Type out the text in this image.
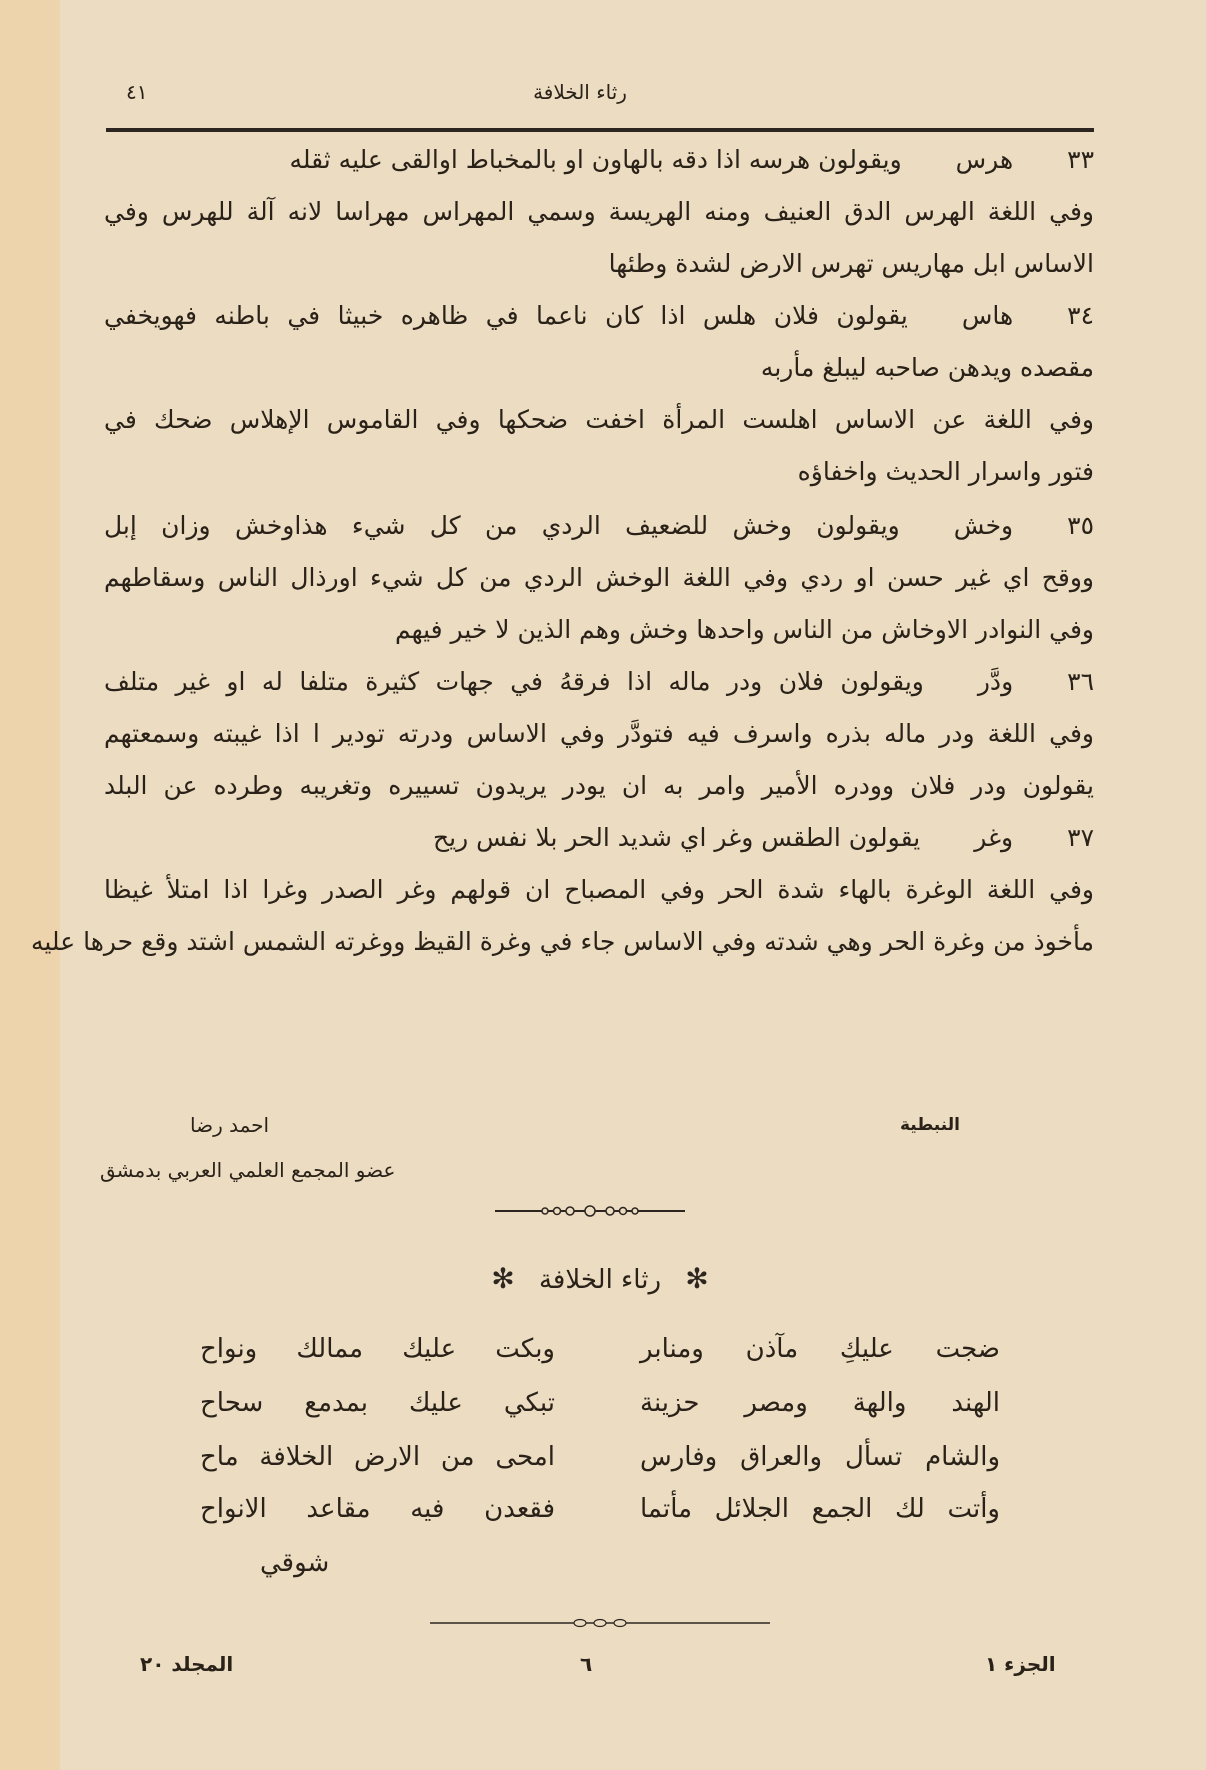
رثاء الخلافة
٤١
٣٣هرسويقولون هرسه اذا دقه بالهاون او بالمخباط اوالقى عليه ثقله
وفي اللغة الهرس الدق العنيف ومنه الهريسة وسمي المهراس مهراسا لانه آلة للهرس وفي
الاساس ابل مهاريس تهرس الارض لشدة وطئها
٣٤هاسيقولون فلان هلس اذا كان ناعما في ظاهره خبيثا في باطنه فهويخفي
مقصده ويدهن صاحبه ليبلغ مأربه
وفي اللغة عن الاساس اهلست المرأة اخفت ضحكها وفي القاموس الإهلاس ضحك في
فتور واسرار الحديث واخفاؤه
٣٥وخشويقولون وخش للضعيف الردي من كل شيء هذاوخش وزان إبل
ووقح اي غير حسن او ردي وفي اللغة الوخش الردي من كل شيء اورذال الناس وسقاطهم
وفي النوادر الاوخاش من الناس واحدها وخش وهم الذين لا خير فيهم
٣٦ودَّرويقولون فلان ودر ماله اذا فرقهُ في جهات كثيرة متلفا له او غير متلف
وفي اللغة ودر ماله بذره واسرف فيه فتودَّر وفي الاساس ودرته تودير ا اذا غيبته وسمعتهم
يقولون ودر فلان وودره الأمير وامر به ان يودر يريدون تسييره وتغريبه وطرده عن البلد
٣٧وغريقولون الطقس وغر اي شديد الحر بلا نفس ريح
وفي اللغة الوغرة بالهاء شدة الحر وفي المصباح ان قولهم وغر الصدر وغرا اذا امتلأ غيظا
مأخوذ من وغرة الحر وهي شدته وفي الاساس جاء في وغرة القيظ ووغرته الشمس اشتد وقع حرها عليه
النبطية
احمد رضا
عضو المجمع العلمي العربي بدمشق
✻ رثاء الخلافة ✻
ضجت عليكِ مآذن ومنابر
وبكت عليك ممالك ونواح
الهند والهة ومصر حزينة
تبكي عليك بمدمع سحاح
والشام تسأل والعراق وفارس
امحى من الارض الخلافة ماح
وأتت لك الجمع الجلائل مأتما
فقعدن فيه مقاعد الانواح
شوقي
المجلد ٢٠	٦	الجزء ١
